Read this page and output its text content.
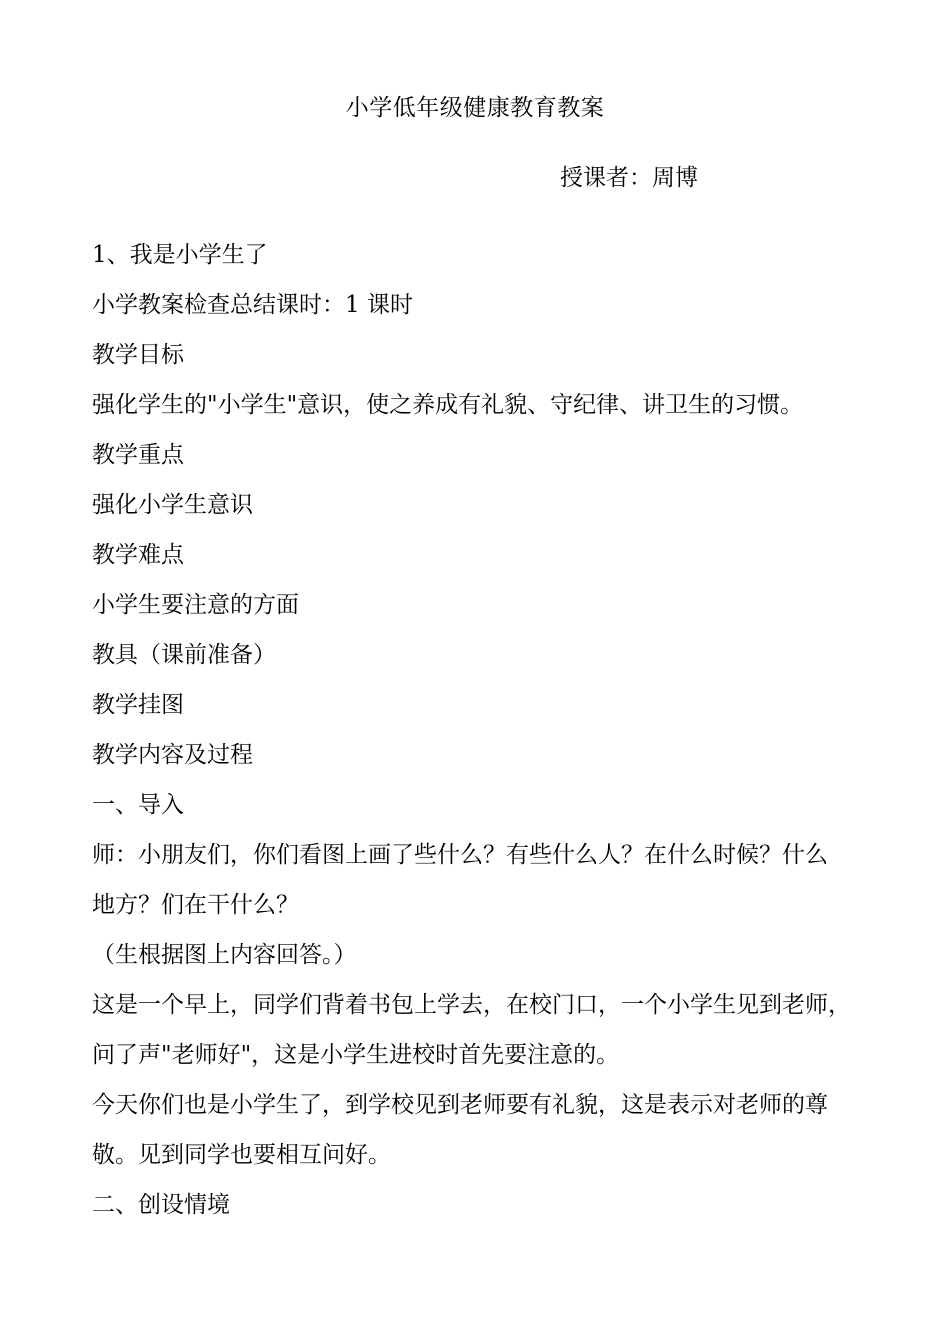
小学低年级健康教育教案
授课者：周博
1、我是小学生了
小学教案检查总结课时：1 课时
教学目标
强化学生的"小学生"意识，使之养成有礼貌、守纪律、讲卫生的习惯。
教学重点
强化小学生意识
教学难点
小学生要注意的方面
教具（课前准备）
教学挂图
教学内容及过程
一、导入
师：小朋友们，你们看图上画了些什么？有些什么人？在什么时候？什么
地方？们在干什么？
（生根据图上内容回答。）
这是一个早上，同学们背着书包上学去，在校门口，一个小学生见到老师，
问了声"老师好"，这是小学生进校时首先要注意的。
今天你们也是小学生了，到学校见到老师要有礼貌，这是表示对老师的尊
敬。见到同学也要相互问好。
二、创设情境
